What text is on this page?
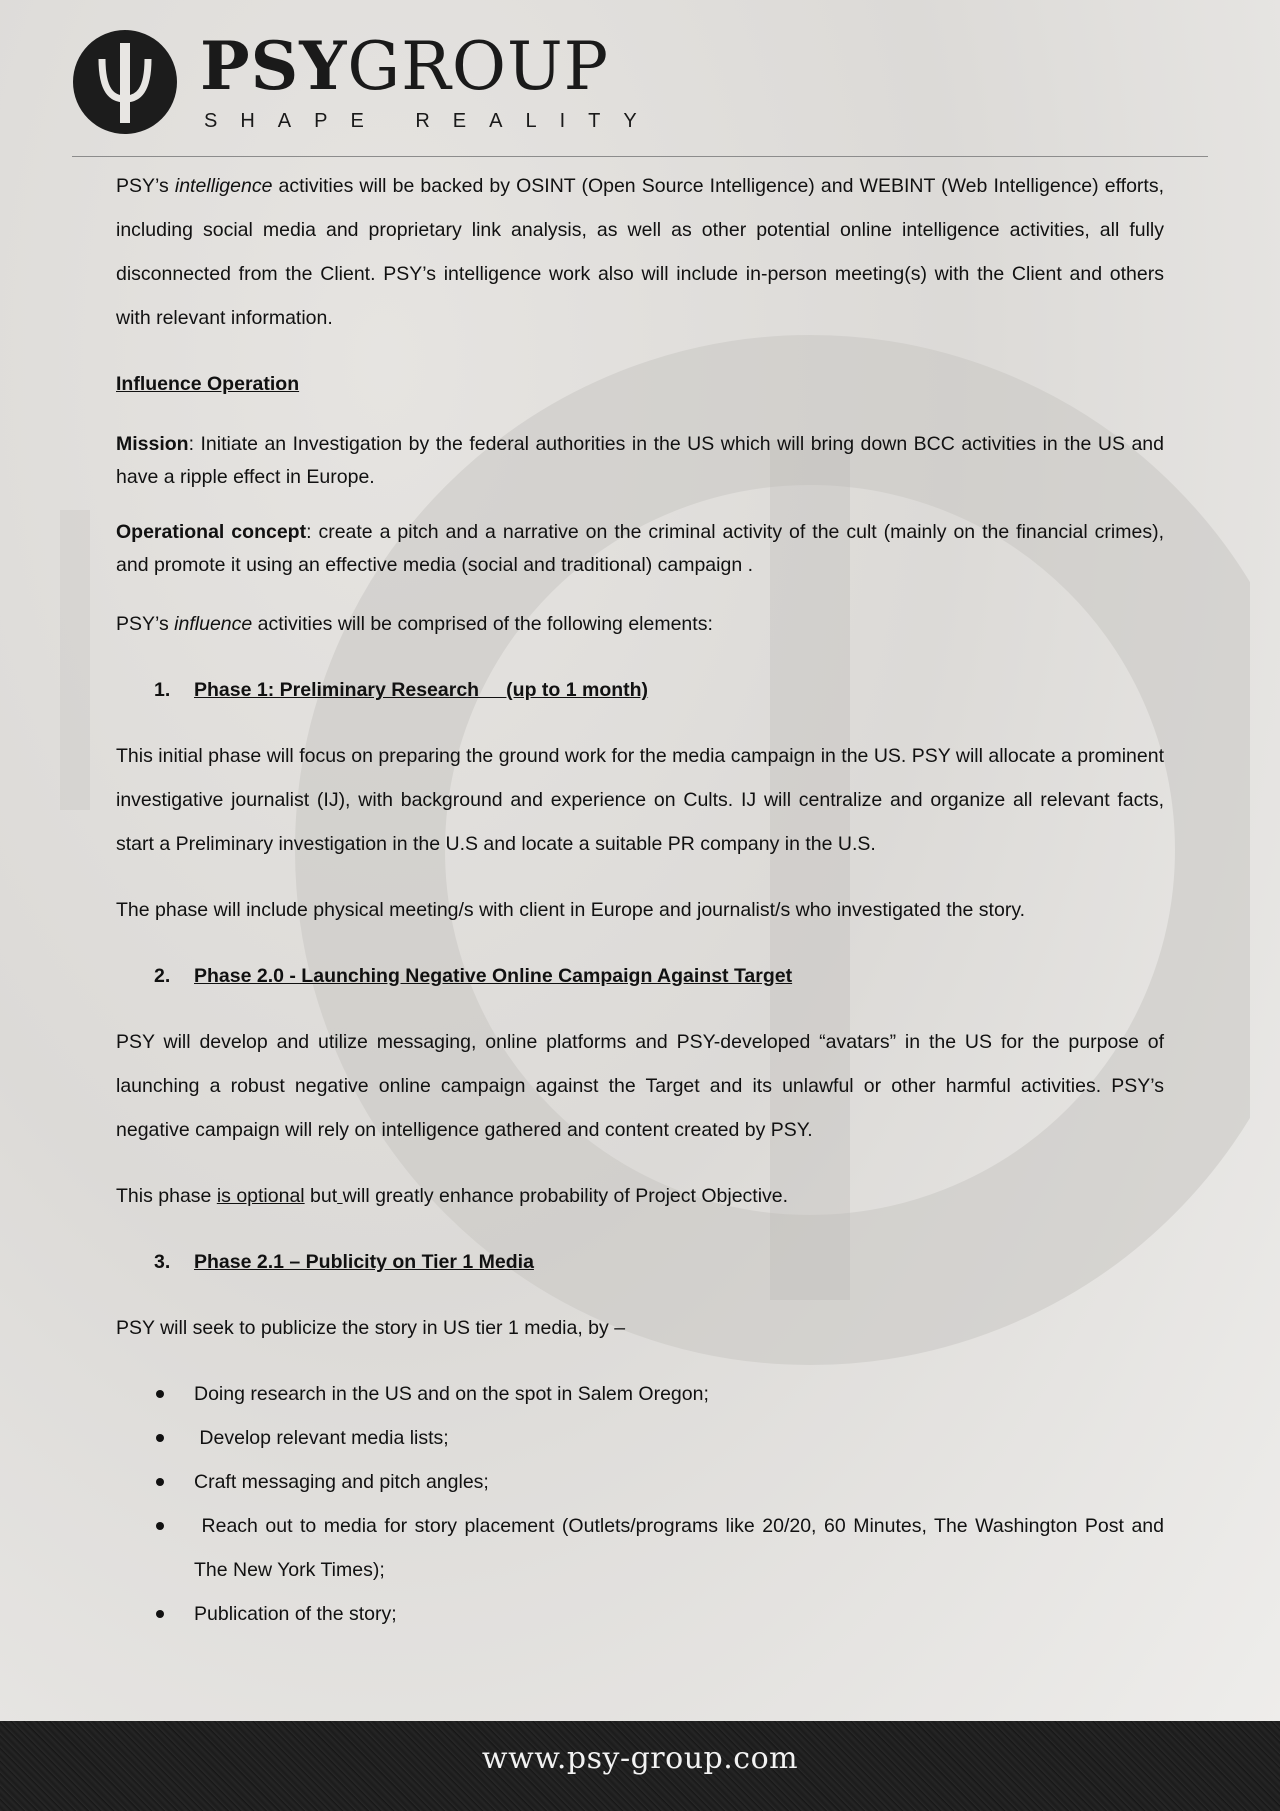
PSYGROUP
SHAPE REALITY

PSY’s intelligence activities will be backed by OSINT (Open Source Intelligence) and WEBINT (Web Intelligence) efforts, including social media and proprietary link analysis, as well as other potential online intelligence activities, all fully disconnected from the Client. PSY’s intelligence work also will include in-person meeting(s) with the Client and others with relevant information.

Influence Operation

Mission: Initiate an Investigation by the federal authorities in the US which will bring down BCC activities in the US and have a ripple effect in Europe.

Operational concept: create a pitch and a narrative on the criminal activity of the cult (mainly on the financial crimes), and promote it using an effective media (social and traditional) campaign .

PSY’s influence activities will be comprised of the following elements:

1. Phase 1: Preliminary Research     (up to 1 month)

This initial phase will focus on preparing the ground work for the media campaign in the US. PSY will allocate a prominent investigative journalist (IJ), with background and experience on Cults. IJ will centralize and organize all relevant facts, start a Preliminary investigation in the U.S and locate a suitable PR company in the U.S.

The phase will include physical meeting/s with client in Europe and journalist/s who investigated the story.

2. Phase 2.0 - Launching Negative Online Campaign Against Target

PSY will develop and utilize messaging, online platforms and PSY-developed “avatars” in the US for the purpose of launching a robust negative online campaign against the Target and its unlawful or other harmful activities. PSY’s negative campaign will rely on intelligence gathered and content created by PSY.

This phase is optional but will greatly enhance probability of Project Objective.

3. Phase 2.1 – Publicity on Tier 1 Media

PSY will seek to publicize the story in US tier 1 media, by –

Doing research in the US and on the spot in Salem Oregon;
Develop relevant media lists;
Craft messaging and pitch angles;
Reach out to media for story placement (Outlets/programs like 20/20, 60 Minutes, The Washington Post and The New York Times);
Publication of the story;
www.psy-group.com
